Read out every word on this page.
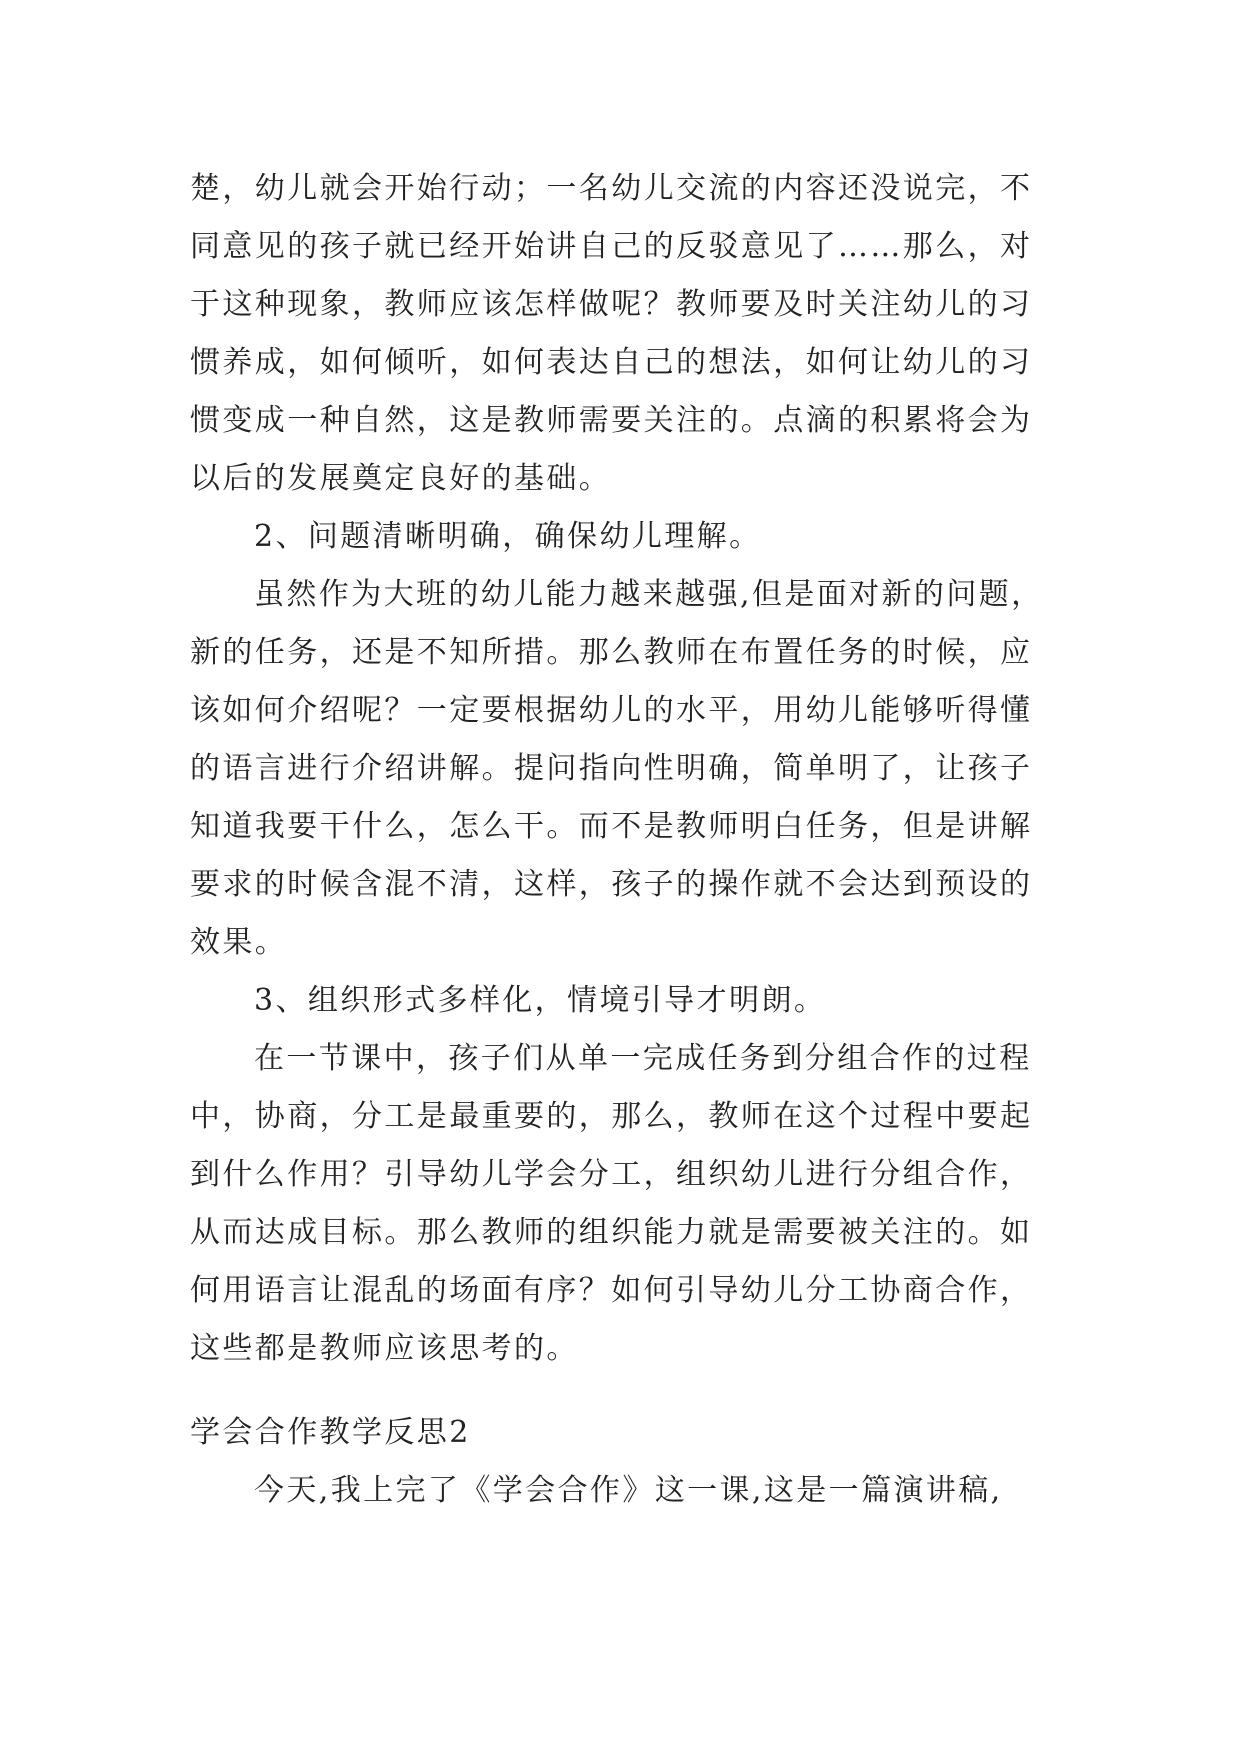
楚，幼儿就会开始行动；一名幼儿交流的内容还没说完，不
同意见的孩子就已经开始讲自己的反驳意见了……那么，对
于这种现象，教师应该怎样做呢？教师要及时关注幼儿的习
惯养成，如何倾听，如何表达自己的想法，如何让幼儿的习
惯变成一种自然，这是教师需要关注的。点滴的积累将会为
以后的发展奠定良好的基础。
2、问题清晰明确，确保幼儿理解。
虽然作为大班的幼儿能力越来越强,但是面对新的问题，
新的任务，还是不知所措。那么教师在布置任务的时候，应
该如何介绍呢？一定要根据幼儿的水平，用幼儿能够听得懂
的语言进行介绍讲解。提问指向性明确，简单明了，让孩子
知道我要干什么，怎么干。而不是教师明白任务，但是讲解
要求的时候含混不清，这样，孩子的操作就不会达到预设的
效果。
3、组织形式多样化，情境引导才明朗。
在一节课中，孩子们从单一完成任务到分组合作的过程
中，协商，分工是最重要的，那么，教师在这个过程中要起
到什么作用？引导幼儿学会分工，组织幼儿进行分组合作，
从而达成目标。那么教师的组织能力就是需要被关注的。如
何用语言让混乱的场面有序？如何引导幼儿分工协商合作，
这些都是教师应该思考的。
学会合作教学反思2
今天,我上完了《学会合作》这一课,这是一篇演讲稿,
